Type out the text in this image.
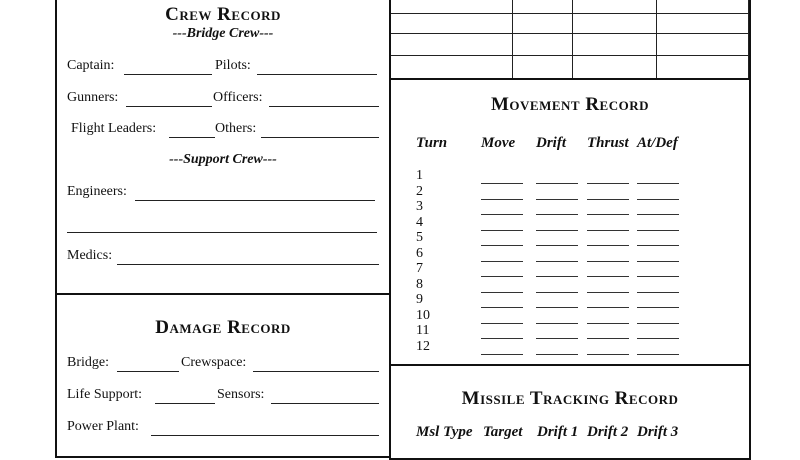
Crew Record
---Bridge Crew---
Captain:	Pilots:
Gunners:	Officers:
Flight Leaders:	Others:
---Support Crew---
Engineers:
Medics:
Damage Record
Bridge:	Crewspace:
Life Support:	Sensors:
Power Plant:
Movement Record
Turn Move Drift Thrust At/Def
1
2
3
4
5
6
7
8
9
10
11
12
Missile Tracking Record
Msl Type Target Drift 1 Drift 2 Drift 3
